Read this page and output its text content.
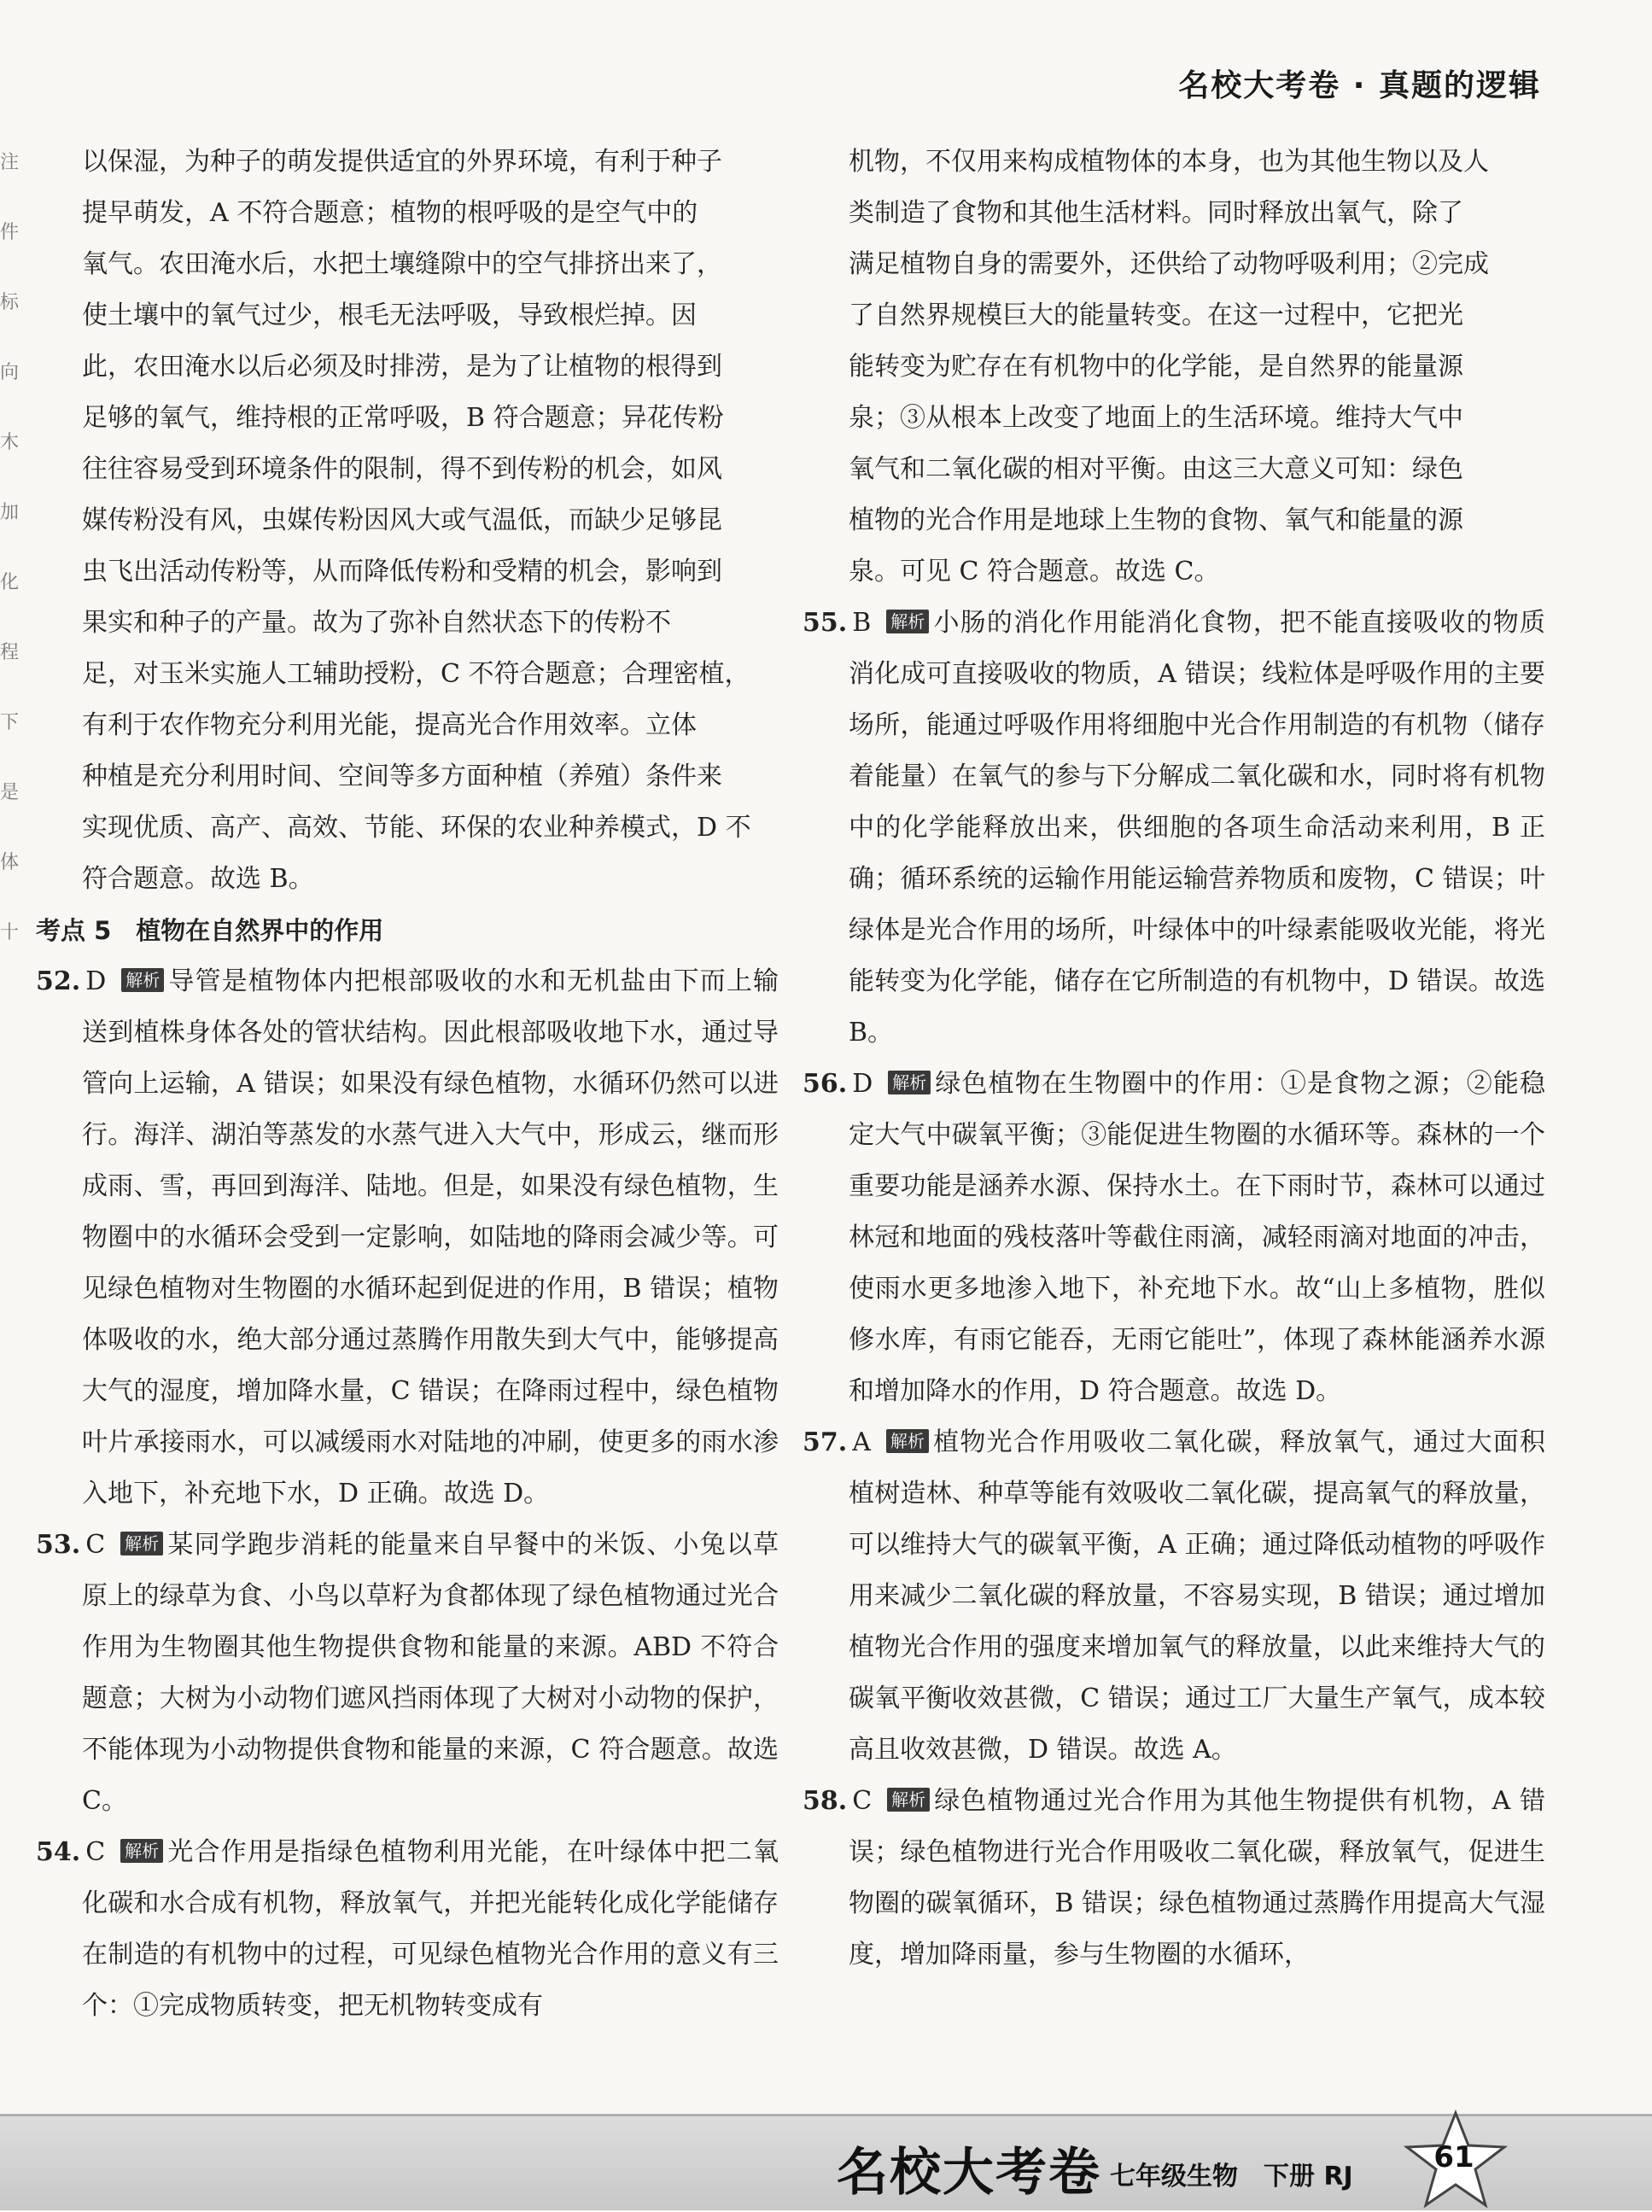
名校大考卷 · 真题的逻辑
注
件
标
向
木
加
化
程
下
是
体
十

以保湿，为种子的萌发提供适宜的外界环境，有利于种子

提早萌发，A 不符合题意；植物的根呼吸的是空气中的

氧气。农田淹水后，水把土壤缝隙中的空气排挤出来了，

使土壤中的氧气过少，根毛无法呼吸，导致根烂掉。因

此，农田淹水以后必须及时排涝，是为了让植物的根得到

足够的氧气，维持根的正常呼吸，B 符合题意；异花传粉

往往容易受到环境条件的限制，得不到传粉的机会，如风

媒传粉没有风，虫媒传粉因风大或气温低，而缺少足够昆

虫飞出活动传粉等，从而降低传粉和受精的机会，影响到

果实和种子的产量。故为了弥补自然状态下的传粉不

足，对玉米实施人工辅助授粉，C 不符合题意；合理密植，

有利于农作物充分利用光能，提高光合作用效率。立体

种植是充分利用时间、空间等多方面种植（养殖）条件来

实现优质、高产、高效、节能、环保的农业种养模式，D 不

符合题意。故选 B。

考点 5　植物在自然界中的作用

52. D 解析 导管是植物体内把根部吸收的水和无机盐由下而上输送到植株身体各处的管状结构。因此根部吸收地下水，通过导管向上运输，A 错误；如果没有绿色植物，水循环仍然可以进行。海洋、湖泊等蒸发的水蒸气进入大气中，形成云，继而形成雨、雪，再回到海洋、陆地。但是，如果没有绿色植物，生物圈中的水循环会受到一定影响，如陆地的降雨会减少等。可见绿色植物对生物圈的水循环起到促进的作用，B 错误；植物体吸收的水，绝大部分通过蒸腾作用散失到大气中，能够提高大气的湿度，增加降水量，C 错误；在降雨过程中，绿色植物叶片承接雨水，可以减缓雨水对陆地的冲刷，使更多的雨水渗入地下，补充地下水，D 正确。故选 D。

53. C 解析 某同学跑步消耗的能量来自早餐中的米饭、小兔以草原上的绿草为食、小鸟以草籽为食都体现了绿色植物通过光合作用为生物圈其他生物提供食物和能量的来源。ABD 不符合题意；大树为小动物们遮风挡雨体现了大树对小动物的保护，不能体现为小动物提供食物和能量的来源，C 符合题意。故选 C。

54. C 解析 光合作用是指绿色植物利用光能，在叶绿体中把二氧化碳和水合成有机物，释放氧气，并把光能转化成化学能储存在制造的有机物中的过程，可见绿色植物光合作用的意义有三个：①完成物质转变，把无机物转变成有

机物，不仅用来构成植物体的本身，也为其他生物以及人

类制造了食物和其他生活材料。同时释放出氧气，除了

满足植物自身的需要外，还供给了动物呼吸利用；②完成

了自然界规模巨大的能量转变。在这一过程中，它把光

能转变为贮存在有机物中的化学能，是自然界的能量源

泉；③从根本上改变了地面上的生活环境。维持大气中

氧气和二氧化碳的相对平衡。由这三大意义可知：绿色

植物的光合作用是地球上生物的食物、氧气和能量的源

泉。可见 C 符合题意。故选 C。

55. B 解析 小肠的消化作用能消化食物，把不能直接吸收的物质消化成可直接吸收的物质，A 错误；线粒体是呼吸作用的主要场所，能通过呼吸作用将细胞中光合作用制造的有机物（储存着能量）在氧气的参与下分解成二氧化碳和水，同时将有机物中的化学能释放出来，供细胞的各项生命活动来利用，B 正确；循环系统的运输作用能运输营养物质和废物，C 错误；叶绿体是光合作用的场所，叶绿体中的叶绿素能吸收光能，将光能转变为化学能，储存在它所制造的有机物中，D 错误。故选 B。

56. D 解析 绿色植物在生物圈中的作用：①是食物之源；②能稳定大气中碳氧平衡；③能促进生物圈的水循环等。森林的一个重要功能是涵养水源、保持水土。在下雨时节，森林可以通过林冠和地面的残枝落叶等截住雨滴，减轻雨滴对地面的冲击，使雨水更多地渗入地下，补充地下水。故“山上多植物，胜似修水库，有雨它能吞，无雨它能吐”，体现了森林能涵养水源和增加降水的作用，D 符合题意。故选 D。

57. A 解析 植物光合作用吸收二氧化碳，释放氧气，通过大面积植树造林、种草等能有效吸收二氧化碳，提高氧气的释放量，可以维持大气的碳氧平衡，A 正确；通过降低动植物的呼吸作用来减少二氧化碳的释放量，不容易实现，B 错误；通过增加植物光合作用的强度来增加氧气的释放量，以此来维持大气的碳氧平衡收效甚微，C 错误；通过工厂大量生产氧气，成本较高且收效甚微，D 错误。故选 A。

58. C 解析 绿色植物通过光合作用为其他生物提供有机物，A 错误；绿色植物进行光合作用吸收二氧化碳，释放氧气，促进生物圈的碳氧循环，B 错误；绿色植物通过蒸腾作用提高大气湿度，增加降雨量，参与生物圈的水循环，

名校大考卷 七年级生物　下册 RJ
61
